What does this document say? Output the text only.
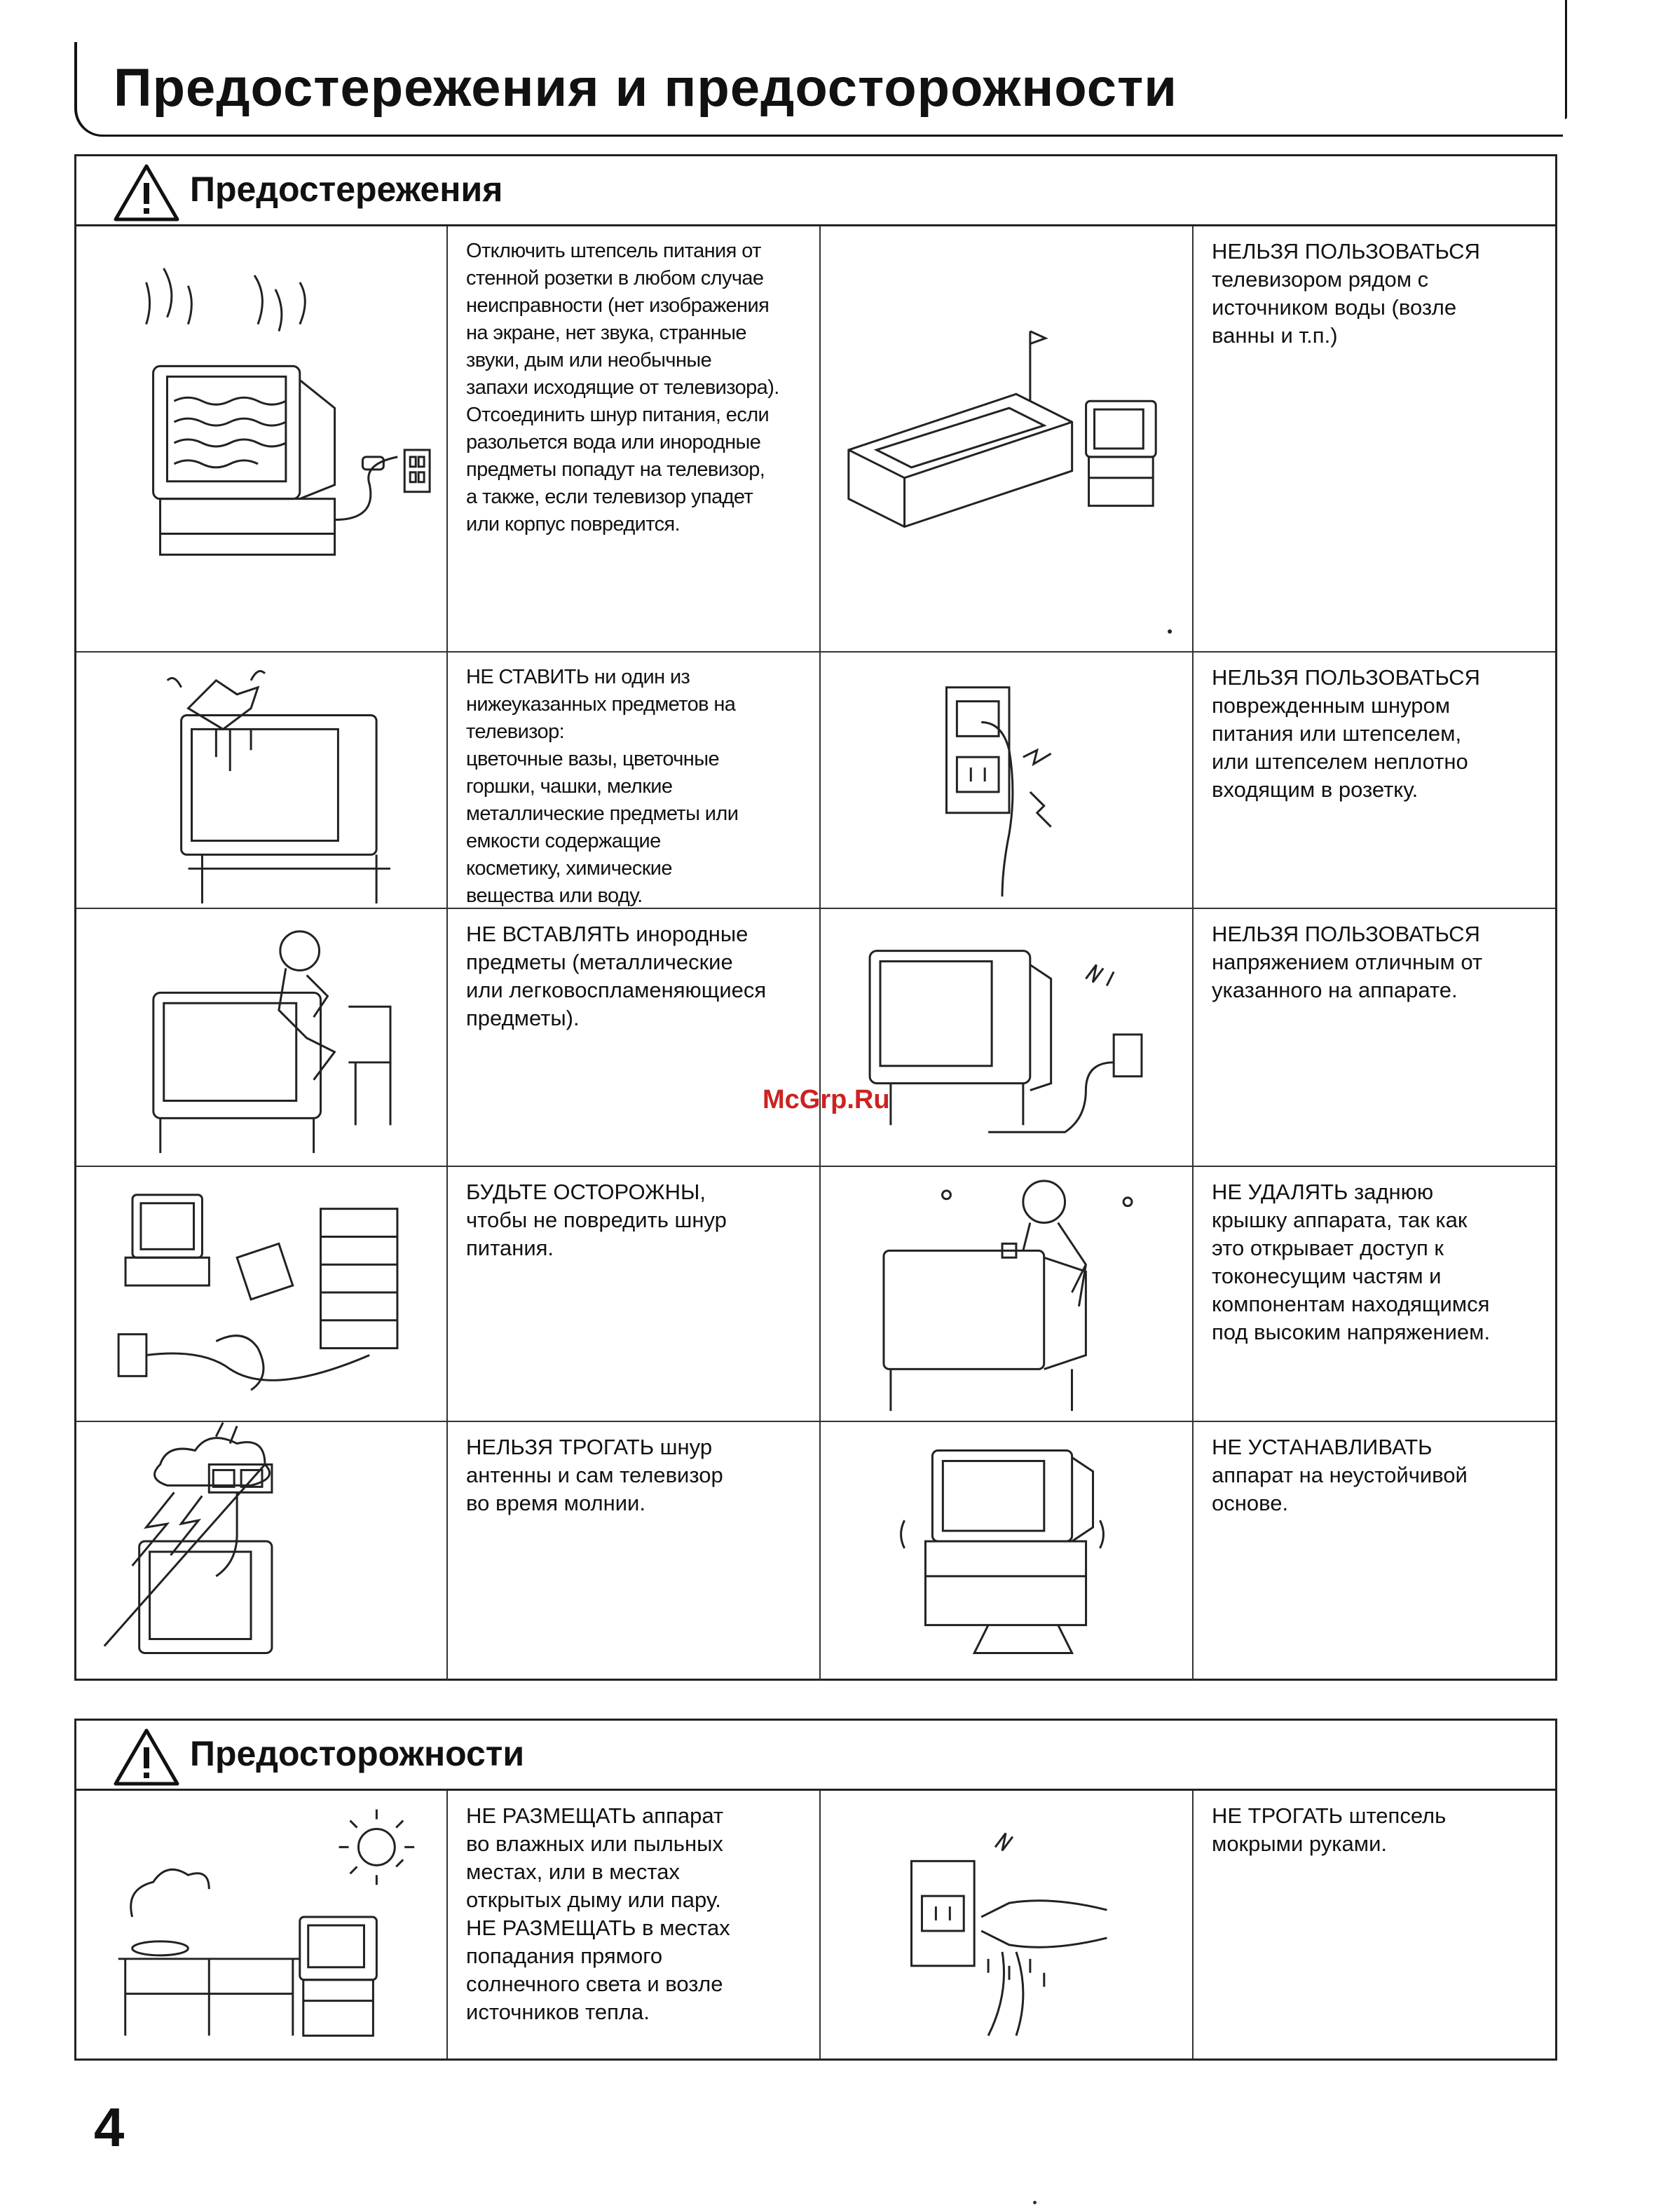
Предостережения и предосторожности
Предостережения
Отключить штепсель питания от
стенной розетки в любом случае
неисправности (нет изображения
на экране, нет звука, странные
звуки, дым или необычные
запахи исходящие от телевизора).
Отсоединить шнур питания, если
разольется вода или инородные
предметы попадут на телевизор,
а также, если телевизор упадет
или корпус повредится.
НЕЛЬЗЯ ПОЛЬЗОВАТЬСЯ
телевизором рядом с
источником воды (возле
ванны и т.п.)
НЕ СТАВИТЬ ни один из
нижеуказанных предметов на
телевизор:
цветочные вазы, цветочные
горшки, чашки, мелкие
металлические предметы или
емкости содержащие
косметику, химические
вещества или воду.
НЕЛЬЗЯ ПОЛЬЗОВАТЬСЯ
поврежденным шнуром
питания или штепселем,
или штепселем неплотно
входящим в розетку.
НЕ ВСТАВЛЯТЬ инородные
предметы (металлические
или легковоспламеняющиеся
предметы).
НЕЛЬЗЯ ПОЛЬЗОВАТЬСЯ
напряжением отличным от
указанного на аппарате.
БУДЬТЕ ОСТОРОЖНЫ,
чтобы не повредить шнур
питания.
НЕ УДАЛЯТЬ заднюю
крышку аппарата, так как
это открывает доступ к
токонесущим частям и
компонентам находящимся
под высоким напряжением.
НЕЛЬЗЯ ТРОГАТЬ шнур
антенны и сам телевизор
во время молнии.
НЕ УСТАНАВЛИВАТЬ
аппарат на неустойчивой
основе.
McGrp.Ru
Предосторожности
НЕ РАЗМЕЩАТЬ аппарат
во влажных или пыльных
местах, или в местах
открытых дыму или пару.
НЕ РАЗМЕЩАТЬ в местах
попадания прямого
солнечного света и возле
источников тепла.
НЕ ТРОГАТЬ штепсель
мокрыми руками.
4
